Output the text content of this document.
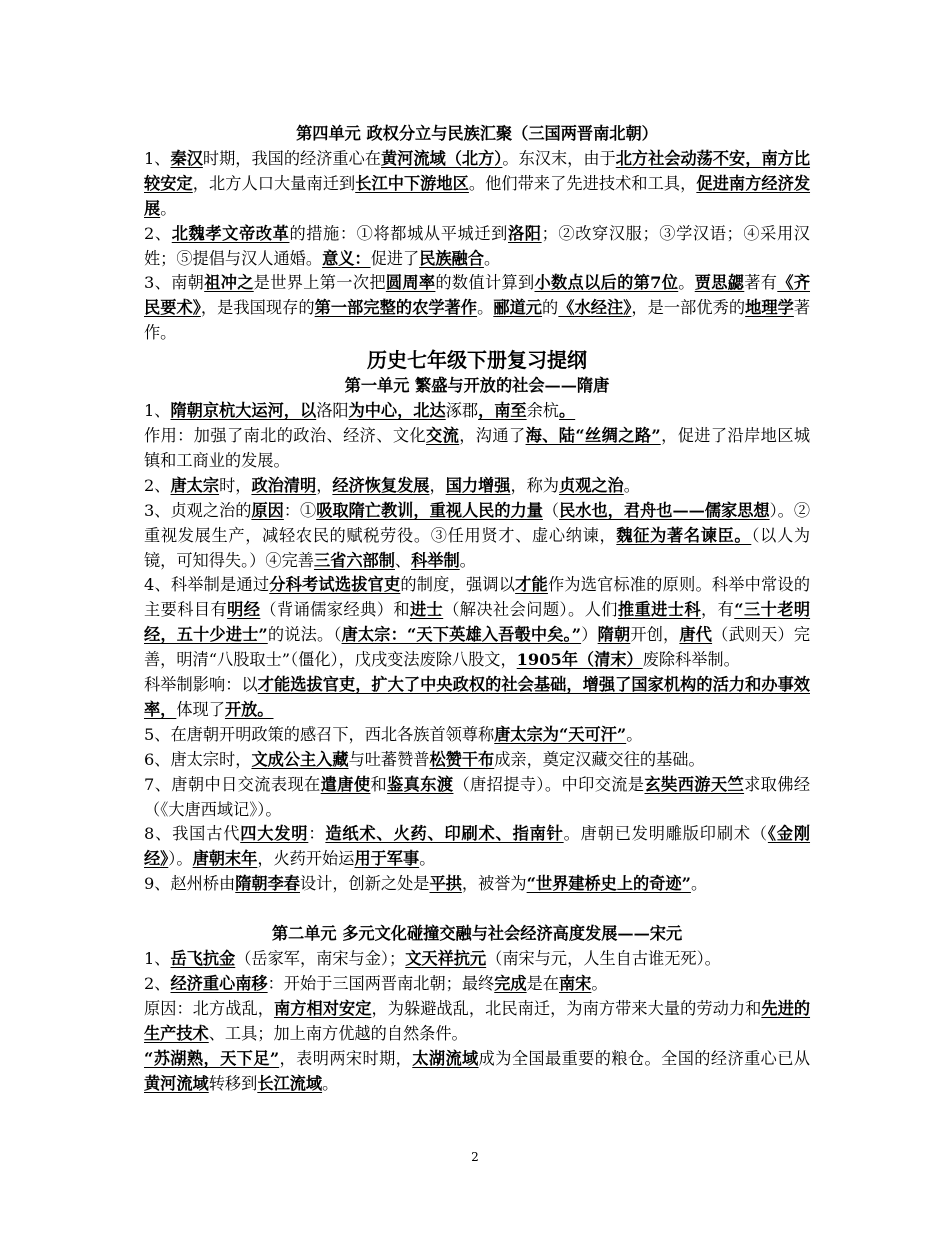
第四单元 政权分立与民族汇聚（三国两晋南北朝）

1、秦汉时期，我国的经济重心在黄河流域（北方）。东汉末，由于北方社会动荡不安，南方比较安定，北方人口大量南迁到长江中下游地区。他们带来了先进技术和工具，促进南方经济发展。

2、北魏孝文帝改革的措施：①将都城从平城迁到洛阳；②改穿汉服；③学汉语；④采用汉姓；⑤提倡与汉人通婚。意义：促进了民族融合。

3、南朝祖冲之是世界上第一次把圆周率的数值计算到小数点以后的第7位。贾思勰著有《齐民要术》，是我国现存的第一部完整的农学著作。郦道元的《水经注》，是一部优秀的地理学著作。

历史七年级下册复习提纲
第一单元 繁盛与开放的社会——隋唐

1、隋朝京杭大运河，以洛阳为中心，北达涿郡，南至余杭。

作用：加强了南北的政治、经济、文化交流，沟通了海、陆“丝绸之路”，促进了沿岸地区城镇和工商业的发展。

2、唐太宗时，政治清明，经济恢复发展，国力增强，称为贞观之治。

3、贞观之治的原因：①吸取隋亡教训，重视人民的力量（民水也，君舟也——儒家思想）。②重视发展生产，减轻农民的赋税劳役。③任用贤才、虚心纳谏，魏征为著名谏臣。（以人为镜，可知得失。）④完善三省六部制、科举制。

4、科举制是通过分科考试选拔官吏的制度，强调以才能作为选官标准的原则。科举中常设的主要科目有明经（背诵儒家经典）和进士（解决社会问题）。人们推重进士科，有“三十老明经，五十少进士”的说法。（唐太宗：“天下英雄入吾彀中矣。”）隋朝开创，唐代（武则天）完善，明清“八股取士”（僵化），戊戌变法废除八股文，1905年（清末）废除科举制。

科举制影响：以才能选拔官吏，扩大了中央政权的社会基础，增强了国家机构的活力和办事效率，体现了开放。

5、在唐朝开明政策的感召下，西北各族首领尊称唐太宗为“天可汗”。

6、唐太宗时，文成公主入藏与吐蕃赞普松赞干布成亲，奠定汉藏交往的基础。

7、唐朝中日交流表现在遣唐使和鉴真东渡（唐招提寺）。中印交流是玄奘西游天竺求取佛经（《大唐西域记》）。

8、我国古代四大发明：造纸术、火药、印刷术、指南针。唐朝已发明雕版印刷术（《金刚经》）。唐朝末年，火药开始运用于军事。

9、赵州桥由隋朝李春设计，创新之处是平拱，被誉为“世界建桥史上的奇迹”。

第二单元 多元文化碰撞交融与社会经济高度发展——宋元

1、岳飞抗金（岳家军，南宋与金）；文天祥抗元（南宋与元，人生自古谁无死）。

2、经济重心南移：开始于三国两晋南北朝；最终完成是在南宋。

原因：北方战乱，南方相对安定，为躲避战乱，北民南迁，为南方带来大量的劳动力和先进的生产技术、工具；加上南方优越的自然条件。

“苏湖熟，天下足”，表明两宋时期，太湖流域成为全国最重要的粮仓。全国的经济重心已从黄河流域转移到长江流域。

2
